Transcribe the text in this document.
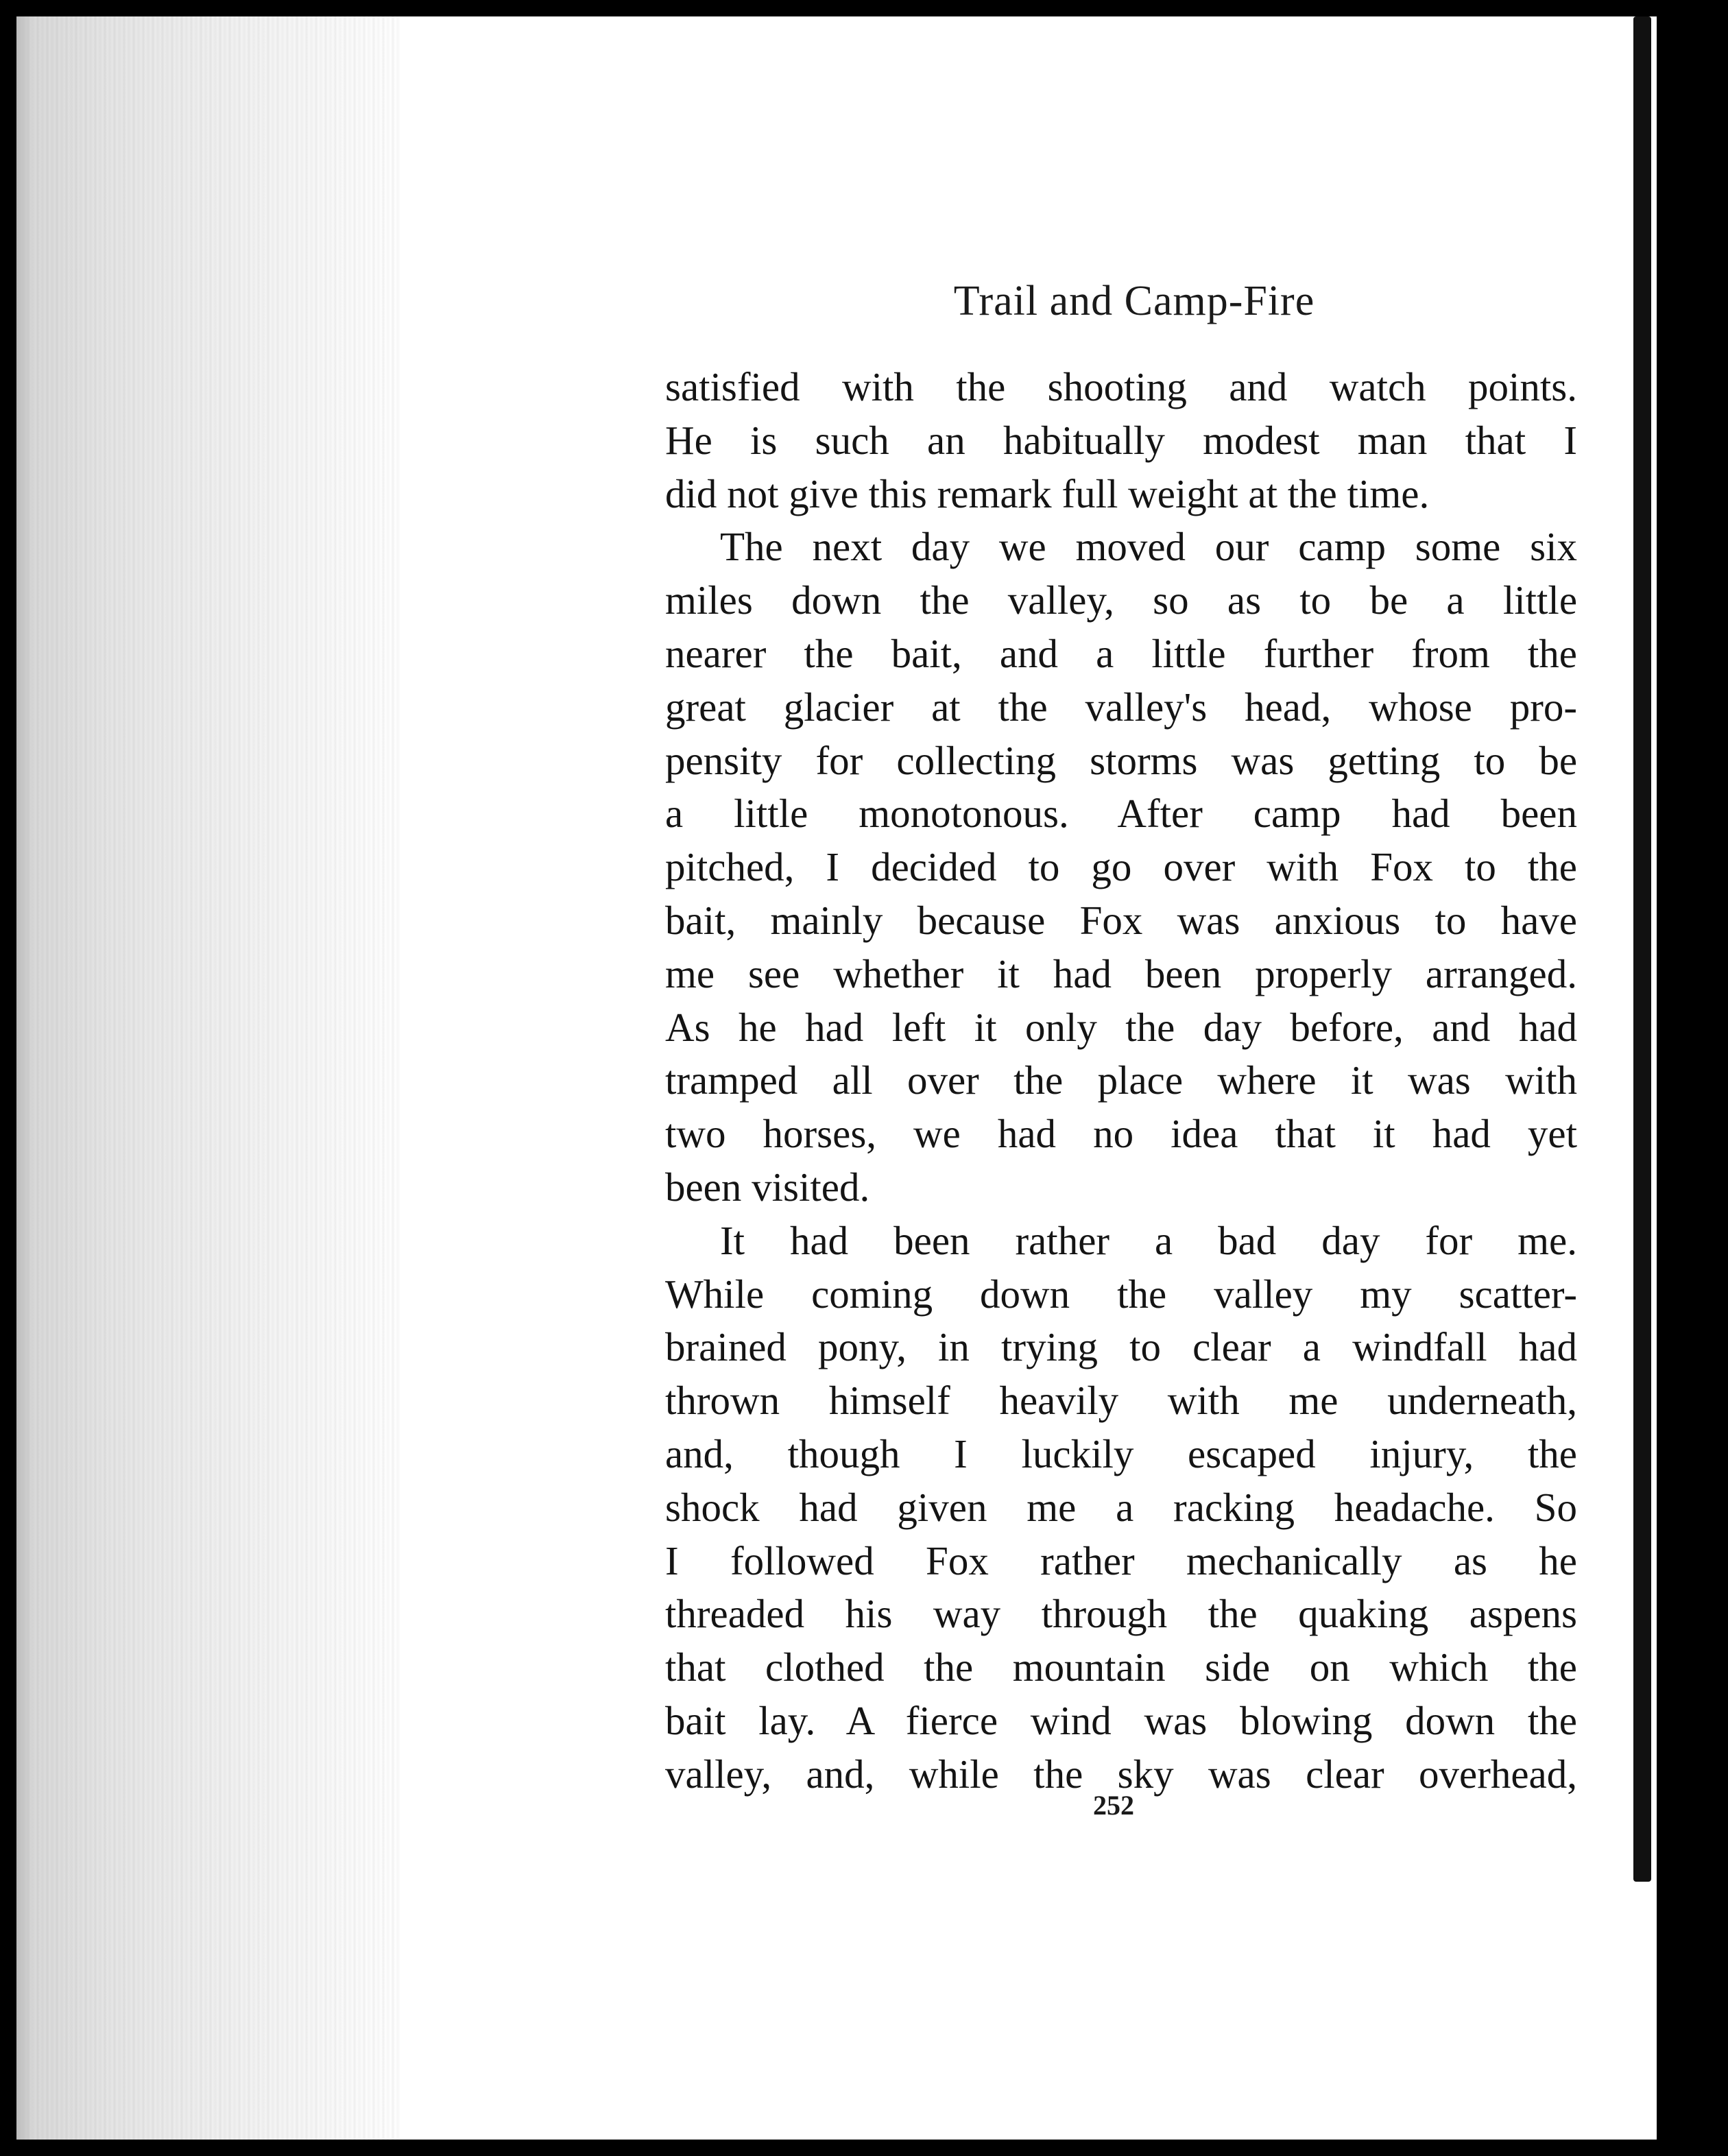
Trail and Camp-Fire
satisfied with the shooting and watch points.
He is such an habitually modest man that I
did not give this remark full weight at the time.
The next day we moved our camp some six
miles down the valley, so as to be a little
nearer the bait, and a little further from the
great glacier at the valley's head, whose pro-
pensity for collecting storms was getting to be
a little monotonous. After camp had been
pitched, I decided to go over with Fox to the
bait, mainly because Fox was anxious to have
me see whether it had been properly arranged.
As he had left it only the day before, and had
tramped all over the place where it was with
two horses, we had no idea that it had yet
been visited.
It had been rather a bad day for me.
While coming down the valley my scatter-
brained pony, in trying to clear a windfall had
thrown himself heavily with me underneath,
and, though I luckily escaped injury, the
shock had given me a racking headache. So
I followed Fox rather mechanically as he
threaded his way through the quaking aspens
that clothed the mountain side on which the
bait lay. A fierce wind was blowing down the
valley, and, while the sky was clear overhead,
252
